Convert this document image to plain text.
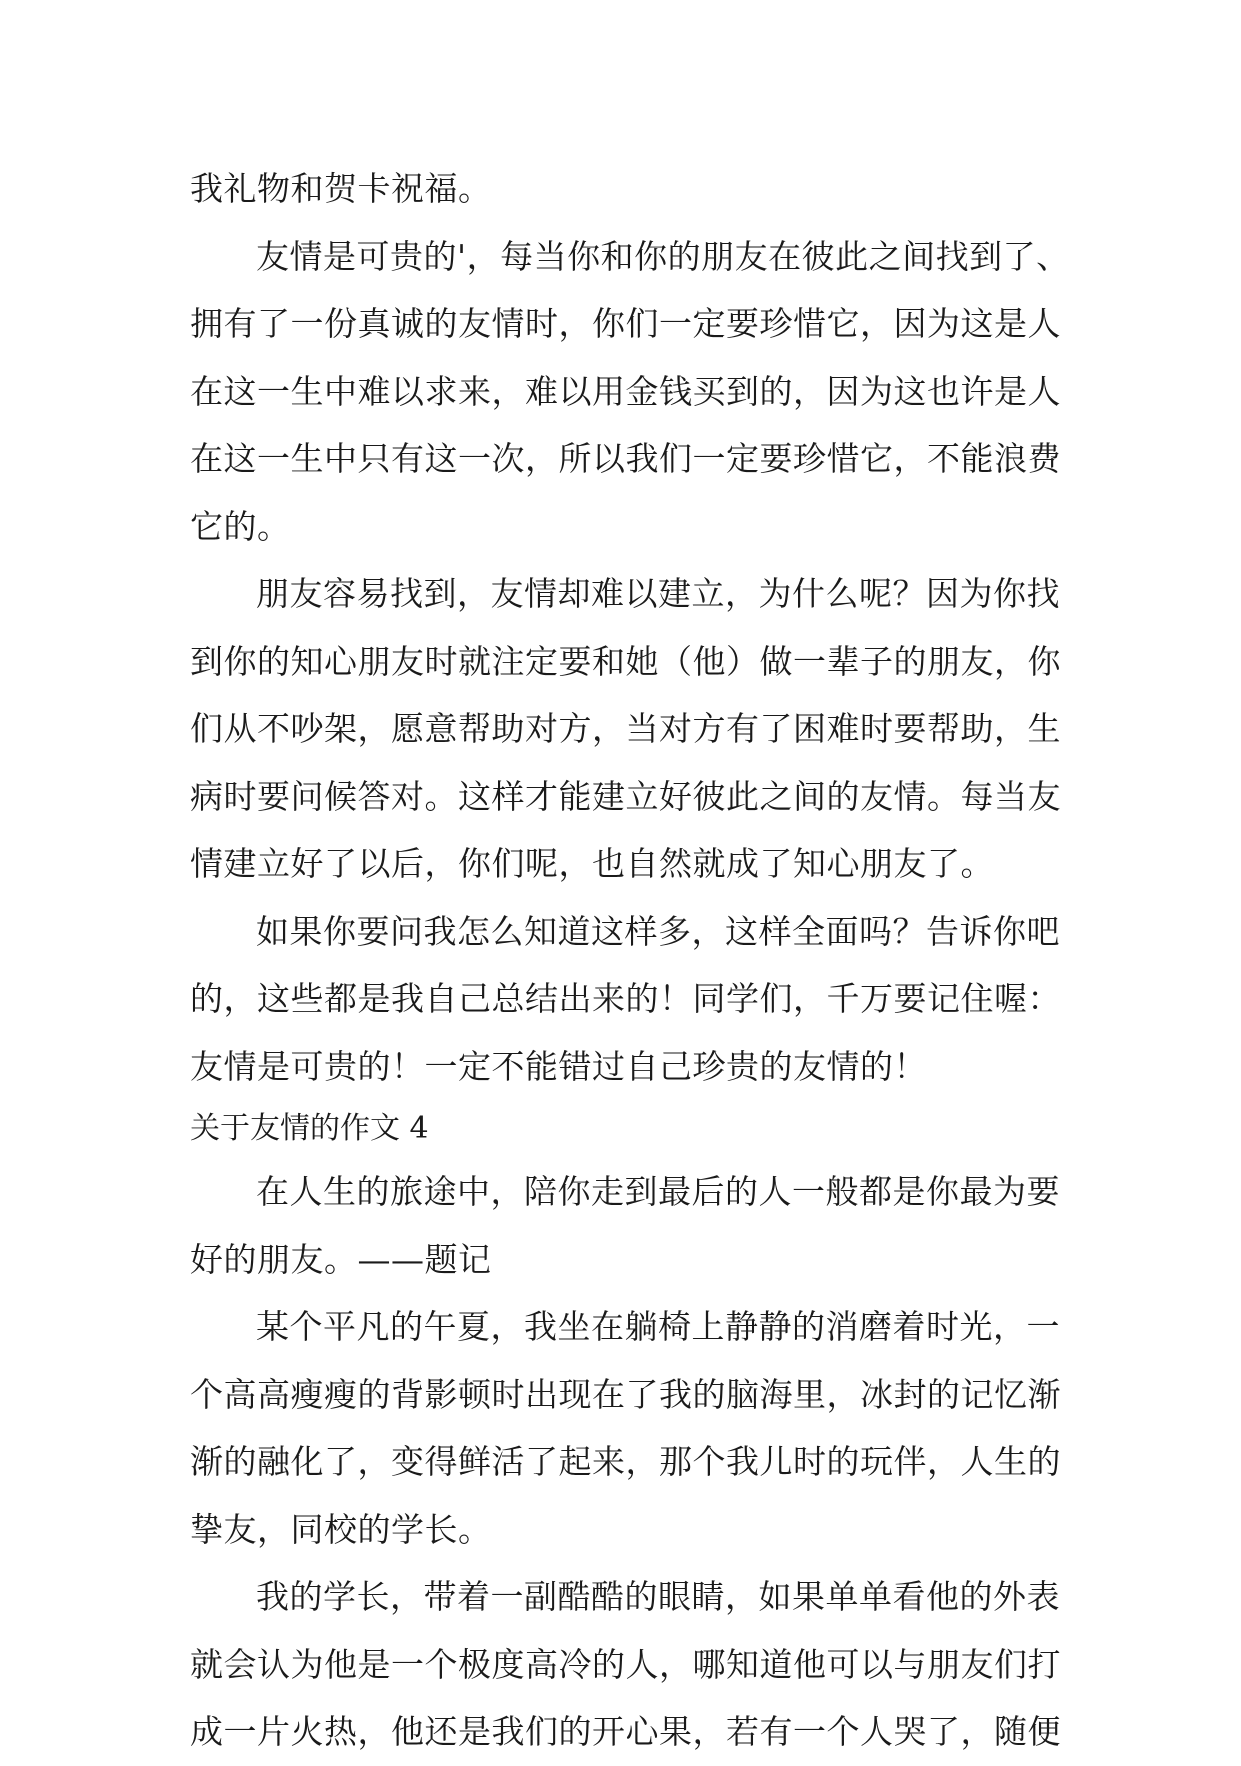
我礼物和贺卡祝福。
友情是可贵的'，每当你和你的朋友在彼此之间找到了、
拥有了一份真诚的友情时，你们一定要珍惜它，因为这是人
在这一生中难以求来，难以用金钱买到的，因为这也许是人
在这一生中只有这一次，所以我们一定要珍惜它，不能浪费
它的。
朋友容易找到，友情却难以建立，为什么呢？因为你找
到你的知心朋友时就注定要和她（他）做一辈子的朋友，你
们从不吵架，愿意帮助对方，当对方有了困难时要帮助，生
病时要问候答对。这样才能建立好彼此之间的友情。每当友
情建立好了以后，你们呢，也自然就成了知心朋友了。
如果你要问我怎么知道这样多，这样全面吗？告诉你吧
的，这些都是我自己总结出来的！同学们，千万要记住喔：
友情是可贵的！一定不能错过自己珍贵的友情的！
关于友情的作文 4
在人生的旅途中，陪你走到最后的人一般都是你最为要
好的朋友。——题记
某个平凡的午夏，我坐在躺椅上静静的消磨着时光，一
个高高瘦瘦的背影顿时出现在了我的脑海里，冰封的记忆渐
渐的融化了，变得鲜活了起来，那个我儿时的玩伴，人生的
挚友，同校的学长。
我的学长，带着一副酷酷的眼睛，如果单单看他的外表
就会认为他是一个极度高冷的人，哪知道他可以与朋友们打
成一片火热，他还是我们的开心果，若有一个人哭了，随便
